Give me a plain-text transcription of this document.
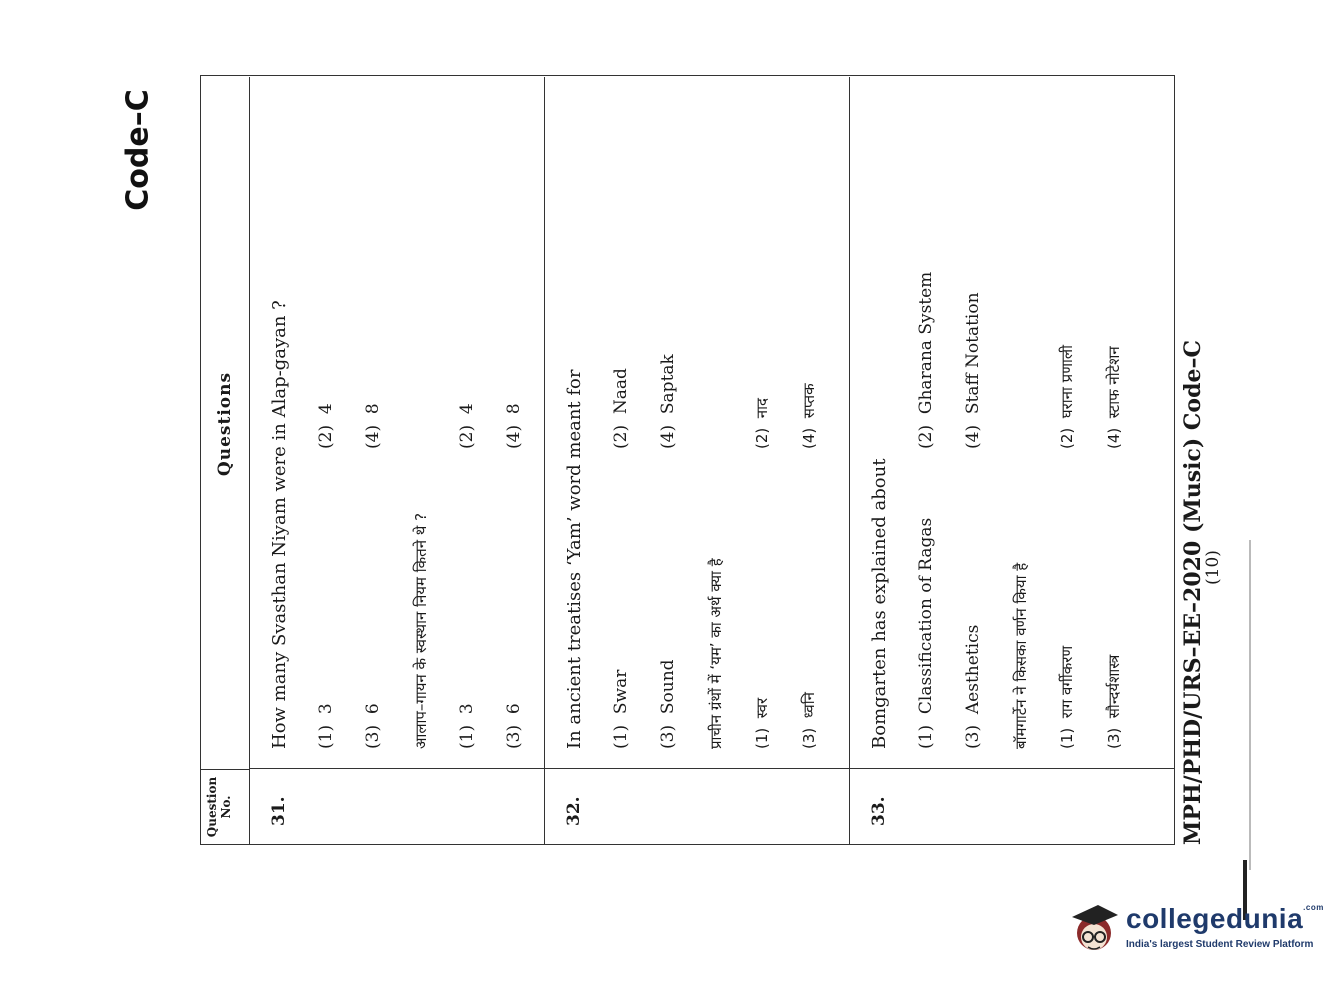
Code–C
Question No.
Questions
31.
How many Svasthan Niyam were in Alap-gayan ?	(1)  3
(2)  4
(3)  6
(4)  8
आलाप–गायन के स्वस्थान नियम कितने थे ?	(1)  3
(2)  4
(3)  6
(4)  8
32.
In ancient treatises ‘Yam’ word meant for	(1)  Swar
(2)  Naad
(3)  Sound
(4)  Saptak
प्राचीन ग्रंथों में ‘यम’ का अर्थ क्या है	(1)  स्वर
(2)  नाद
(3)  ध्वनि
(4)  सप्तक
33.
Bomgarten has explained about	(1)  Classification of Ragas
(2)  Gharana System
(3)  Aesthetics
(4)  Staff Notation
बॉमगार्टेन ने किसका वर्णन किया है	(1)  राग वर्गीकरण
(2)  घराना प्रणाली
(3)  सौन्दर्यशास्त्र
(4)  स्टाफ नोटेशन	MPH/PHD/URS–EE–2020 (Music) Code–C
(10)
collegedunia$^{.com}$
India's largest Student Review Platform
